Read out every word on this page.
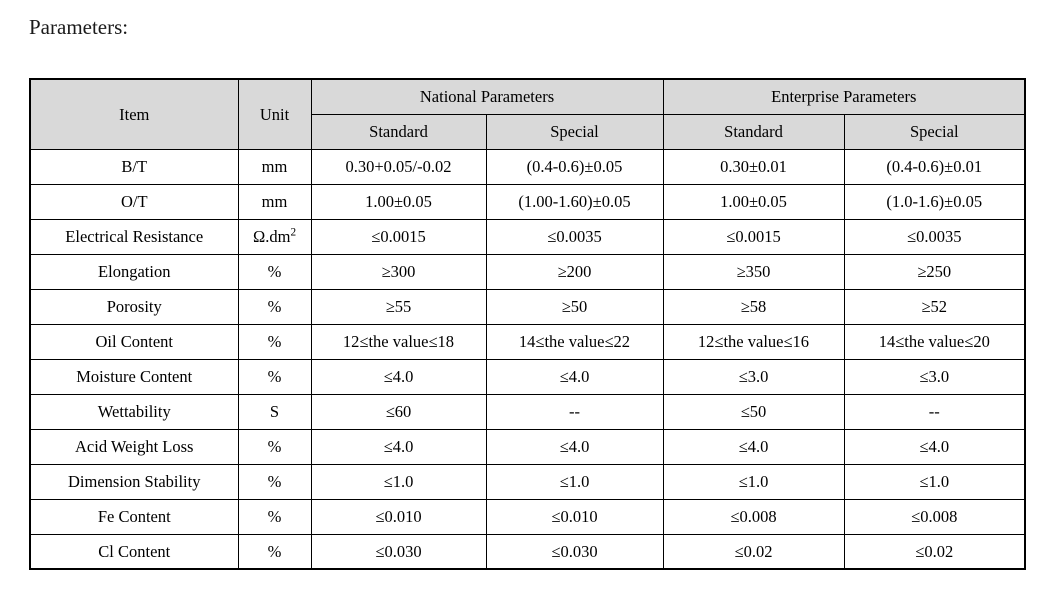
Parameters:
Item	Unit	National Parameters		Enterprise Parameters	
		Standard	Special	Standard	Special
B/T	mm	0.30+0.05/-0.02	(0.4-0.6)±0.05	0.30±0.01	(0.4-0.6)±0.01
O/T	mm	1.00±0.05	(1.00-1.60)±0.05	1.00±0.05	(1.0-1.6)±0.05
Electrical Resistance	$\Omega.dm^2$	≤0.0015	≤0.0035	≤0.0015	≤0.0035
Elongation	%	≥300	≥200	≥350	≥250
Porosity	%	≥55	≥50	≥58	≥52
Oil Content	%	12≤the value≤18	14≤the value≤22	12≤the value≤16	14≤the value≤20
Moisture Content	%	≤4.0	≤4.0	≤3.0	≤3.0
Wettability	S	≤60	--	≤50	--
Acid Weight Loss	%	≤4.0	≤4.0	≤4.0	≤4.0
Dimension Stability	%	≤1.0	≤1.0	≤1.0	≤1.0
Fe Content	%	≤0.010	≤0.010	≤0.008	≤0.008
Cl Content	%	≤0.030	≤0.030	≤0.02	≤0.02
